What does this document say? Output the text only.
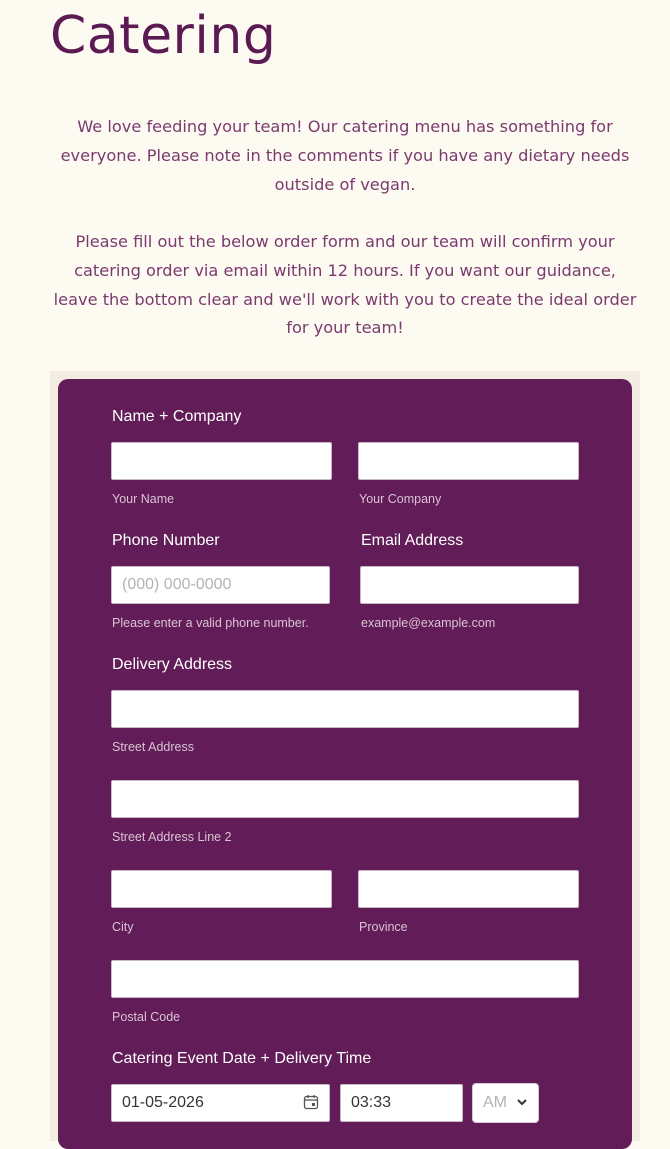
Catering
We love feeding your team! Our catering menu has something for everyone. Please note in the comments if you have any dietary needs outside of vegan.
Please fill out the below order form and our team will confirm your catering order via email within 12 hours. If you want our guidance, leave the bottom clear and we'll work with you to create the ideal order for your team!
Name + Company
Your Name	Your Company
Phone Number	Email Address
(000) 000-0000
Please enter a valid phone number.	example@example.com
Delivery Address
Street Address
Street Address Line 2
City	Province
Postal Code
Catering Event Date + Delivery Time
01-05-2026
03:33
AM
